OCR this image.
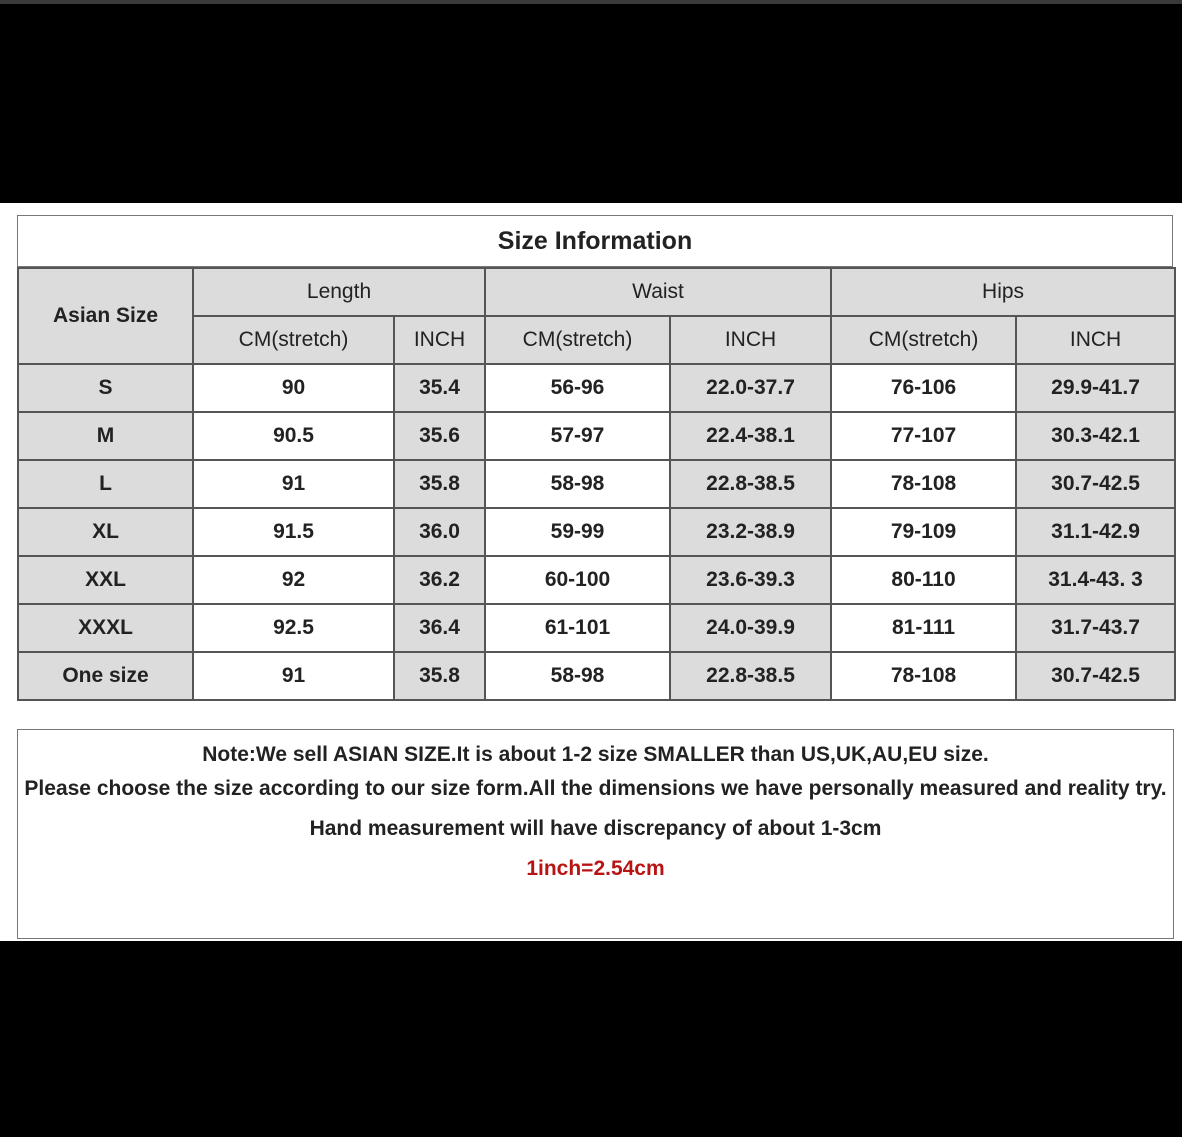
Size Information
Asian Size	Length		Waist		Hips	
	CM(stretch)	INCH	CM(stretch)	INCH	CM(stretch)	INCH
S	90	35.4	56-96	22.0-37.7	76-106	29.9-41.7
M	90.5	35.6	57-97	22.4-38.1	77-107	30.3-42.1
L	91	35.8	58-98	22.8-38.5	78-108	30.7-42.5
XL	91.5	36.0	59-99	23.2-38.9	79-109	31.1-42.9
XXL	92	36.2	60-100	23.6-39.3	80-110	31.4-43. 3
XXXL	92.5	36.4	61-101	24.0-39.9	81-111	31.7-43.7
One size	91	35.8	58-98	22.8-38.5	78-108	30.7-42.5
Note:We sell ASIAN SIZE.It is about 1-2 size SMALLER than US,UK,AU,EU size.
Please choose the size according to our size form.All the dimensions we have personally measured and reality try.
Hand measurement will have discrepancy of about 1-3cm
1inch=2.54cm
